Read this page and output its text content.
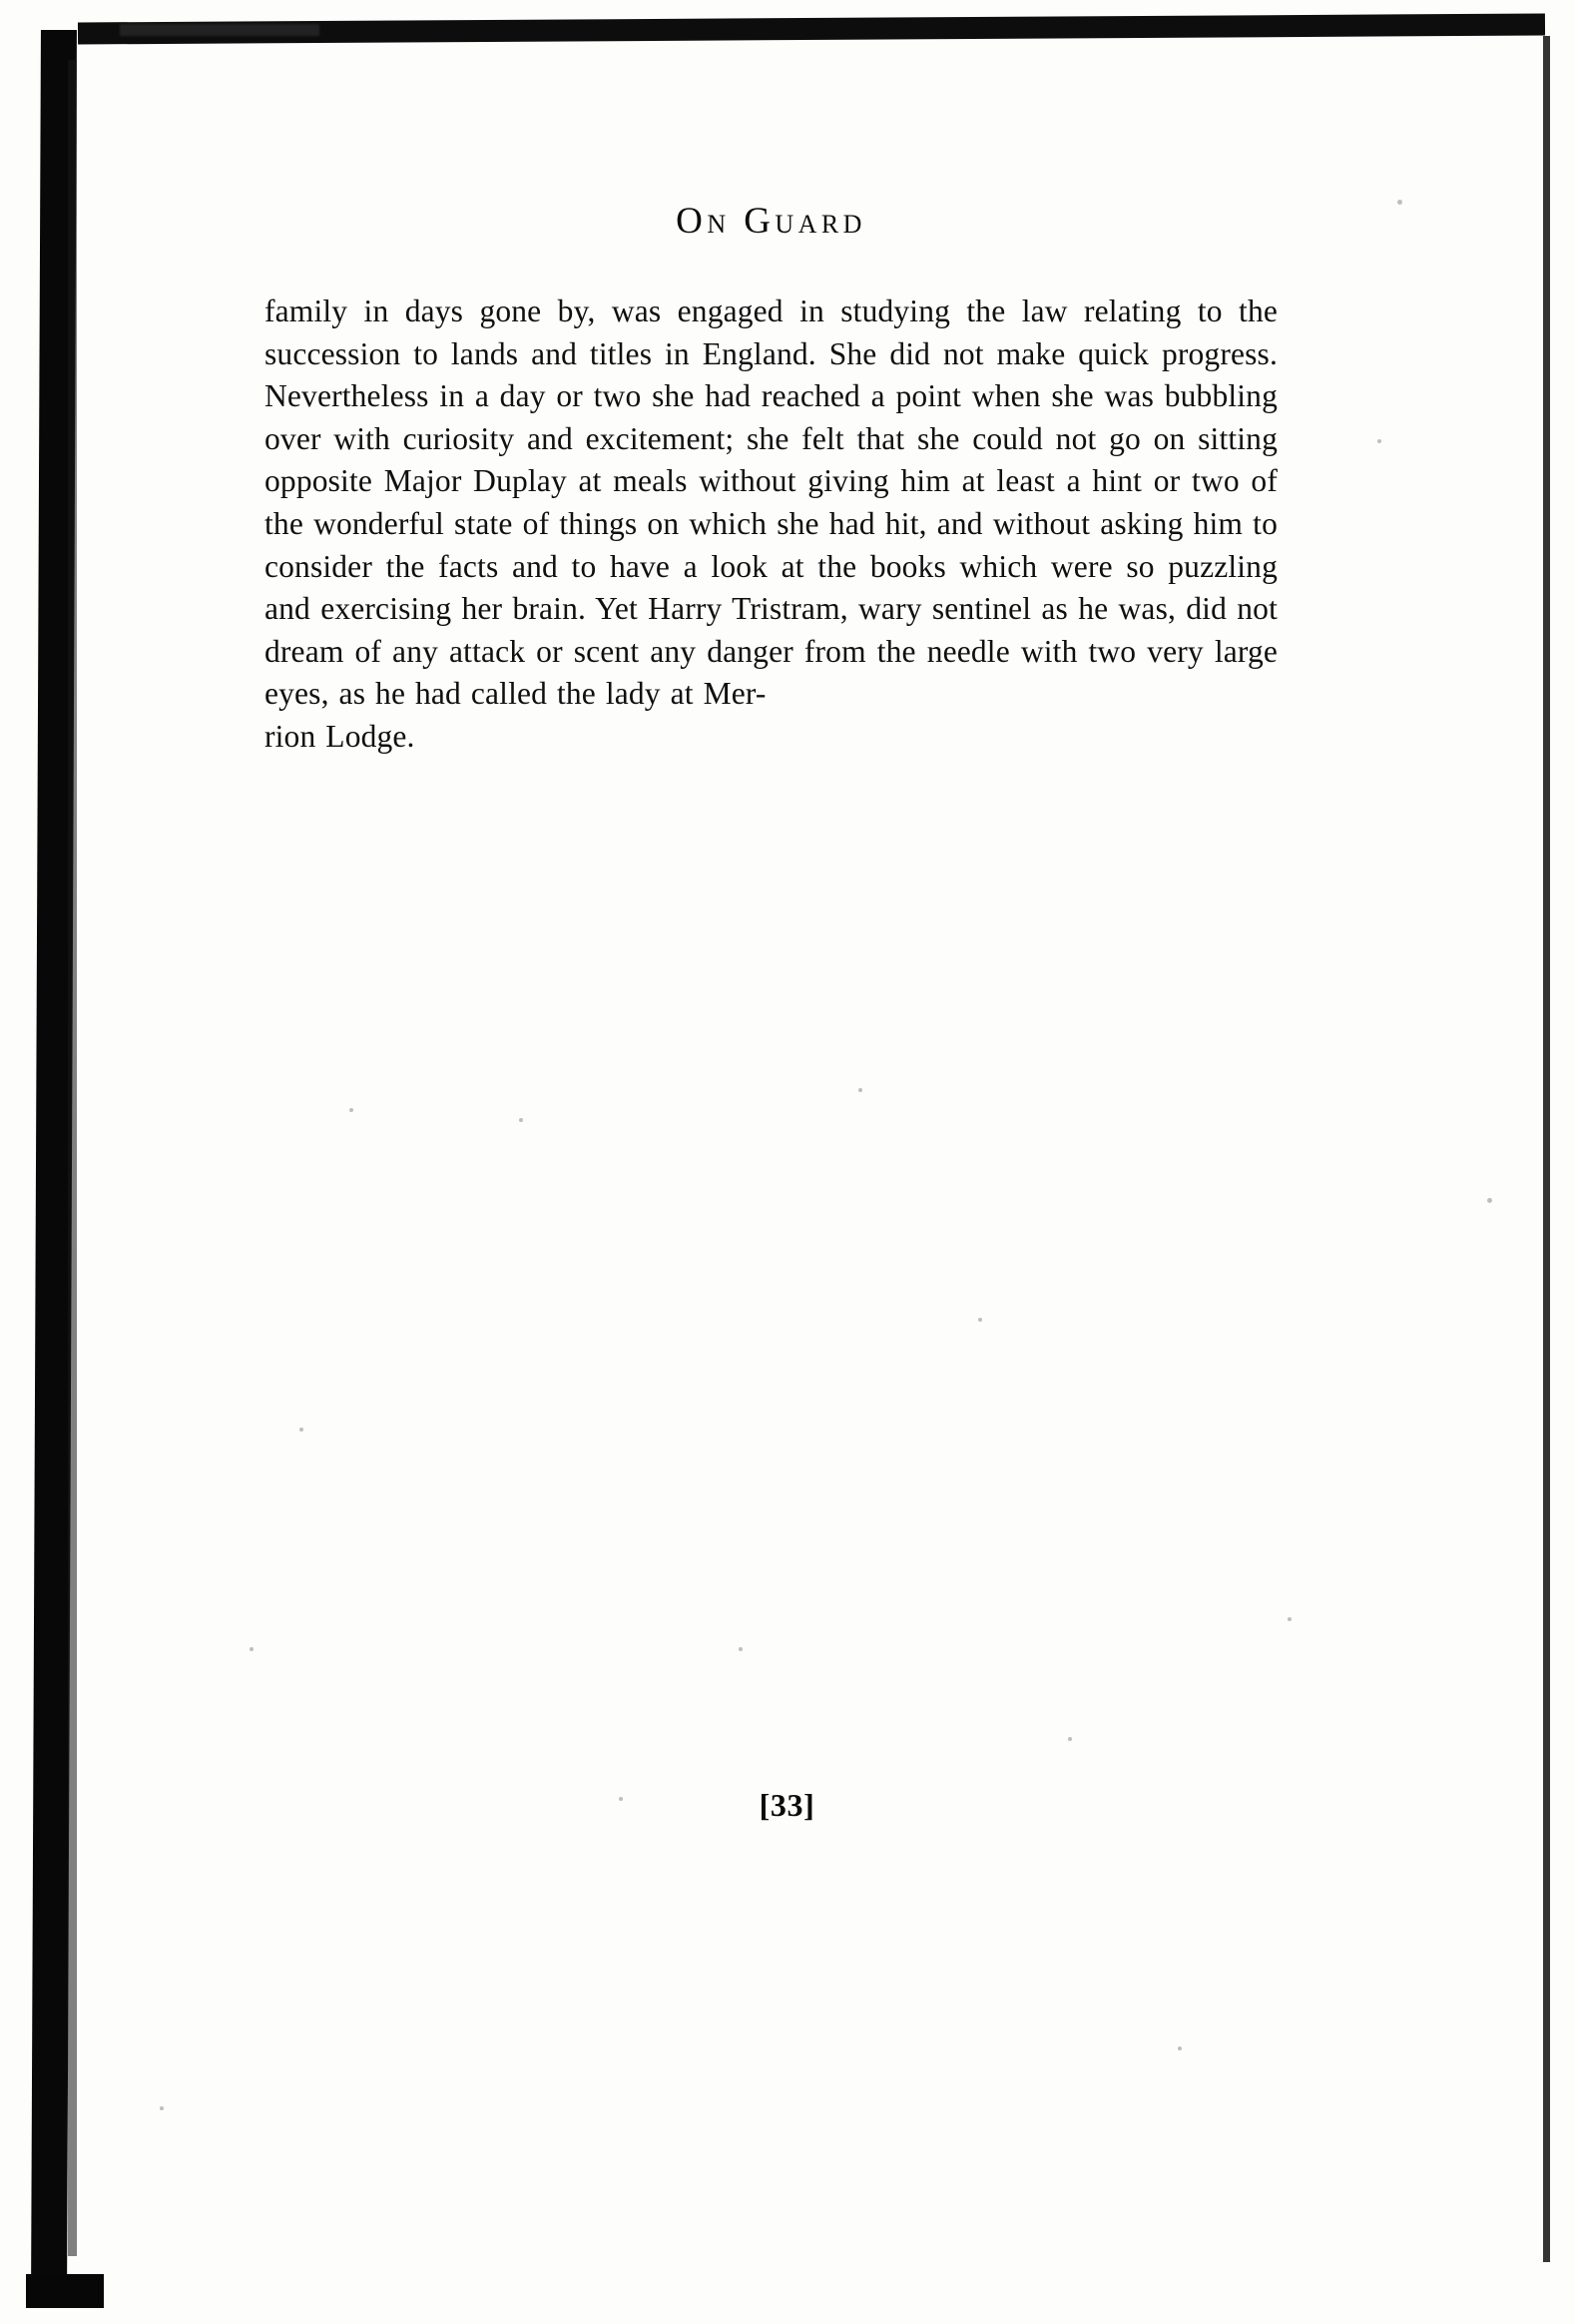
On Guard

family in days gone by, was engaged in studying the law relating to the succession to lands and titles in England. She did not make quick progress. Nevertheless in a day or two she had reached a point when she was bubbling over with curiosity and excitement; she felt that she could not go on sitting opposite Major Duplay at meals without giving him at least a hint or two of the wonderful state of things on which she had hit, and without asking him to consider the facts and to have a look at the books which were so puzzling and exercising her brain. Yet Harry Tristram, wary sentinel as he was, did not dream of any attack or scent any danger from the needle with two very large eyes, as he had called the lady at Mer-
rion Lodge.

[33]
